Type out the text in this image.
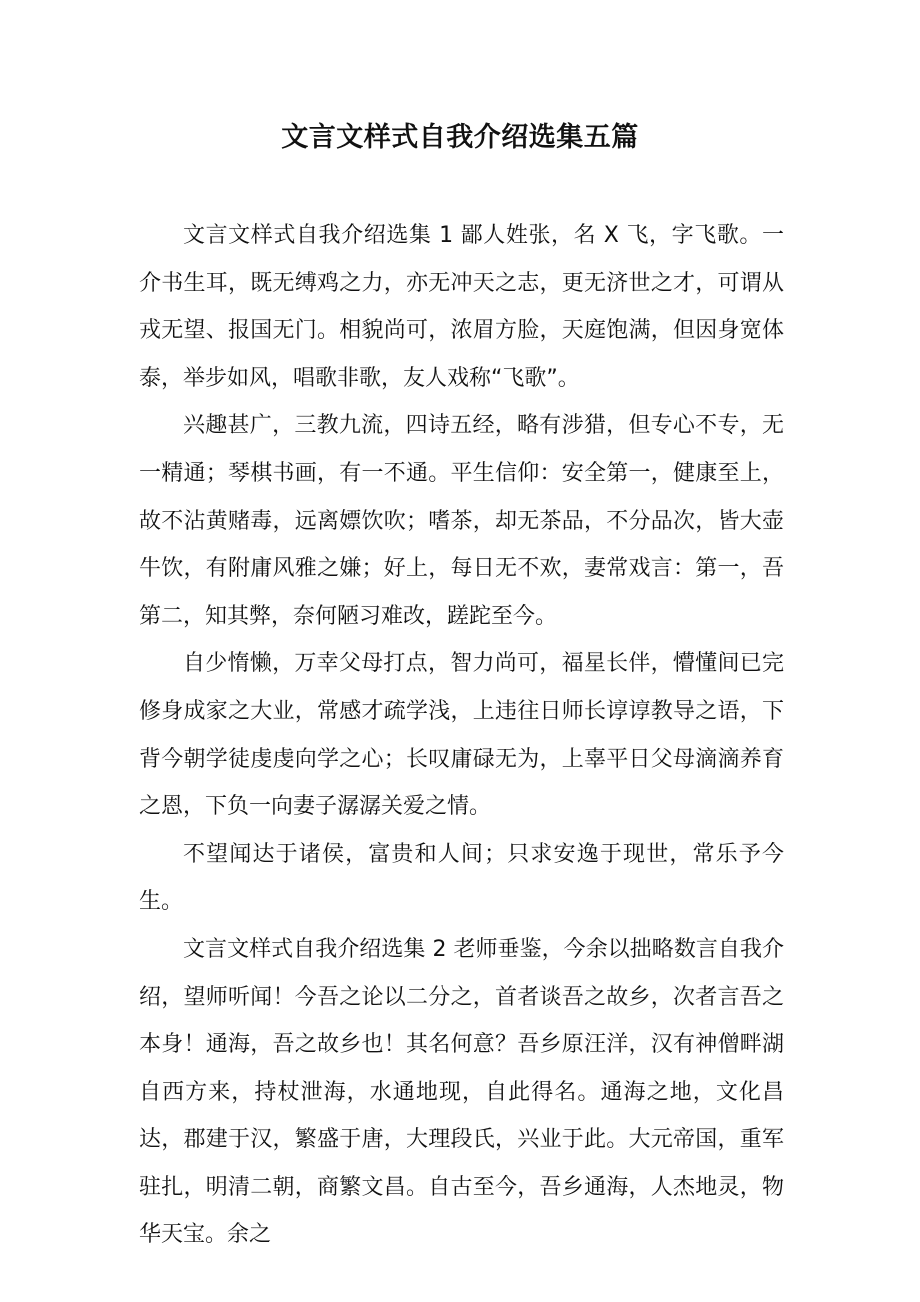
文言文样式自我介绍选集五篇

文言文样式自我介绍选集 1 鄙人姓张，名 X 飞，字飞歌。一介书生耳，既无缚鸡之力，亦无冲天之志，更无济世之才，可谓从戎无望、报国无门。相貌尚可，浓眉方脸，天庭饱满，但因身宽体泰，举步如风，唱歌非歌，友人戏称“飞歌”。

兴趣甚广，三教九流，四诗五经，略有涉猎，但专心不专，无一精通；琴棋书画，有一不通。平生信仰：安全第一，健康至上，故不沾黄赌毒，远离嫖饮吹；嗜茶，却无茶品，不分品次，皆大壶牛饮，有附庸风雅之嫌；好上，每日无不欢，妻常戏言：第一，吾第二，知其弊，奈何陋习难改，蹉跎至今。

自少惰懒，万幸父母打点，智力尚可，福星长伴，懵懂间已完修身成家之大业，常感才疏学浅，上违往日师长谆谆教导之语，下背今朝学徒虔虔向学之心；长叹庸碌无为，上辜平日父母滴滴养育之恩，下负一向妻子潺潺关爱之情。

不望闻达于诸侯，富贵和人间；只求安逸于现世，常乐予今生。

文言文样式自我介绍选集 2 老师垂鉴，今余以拙略数言自我介绍，望师听闻！今吾之论以二分之，首者谈吾之故乡，次者言吾之本身！通海，吾之故乡也！其名何意？吾乡原汪洋，汉有神僧畔湖自西方来，持杖泄海，水通地现，自此得名。通海之地，文化昌达，郡建于汉，繁盛于唐，大理段氏，兴业于此。大元帝国，重军驻扎，明清二朝，商繁文昌。自古至今，吾乡通海，人杰地灵，物华天宝。余之
